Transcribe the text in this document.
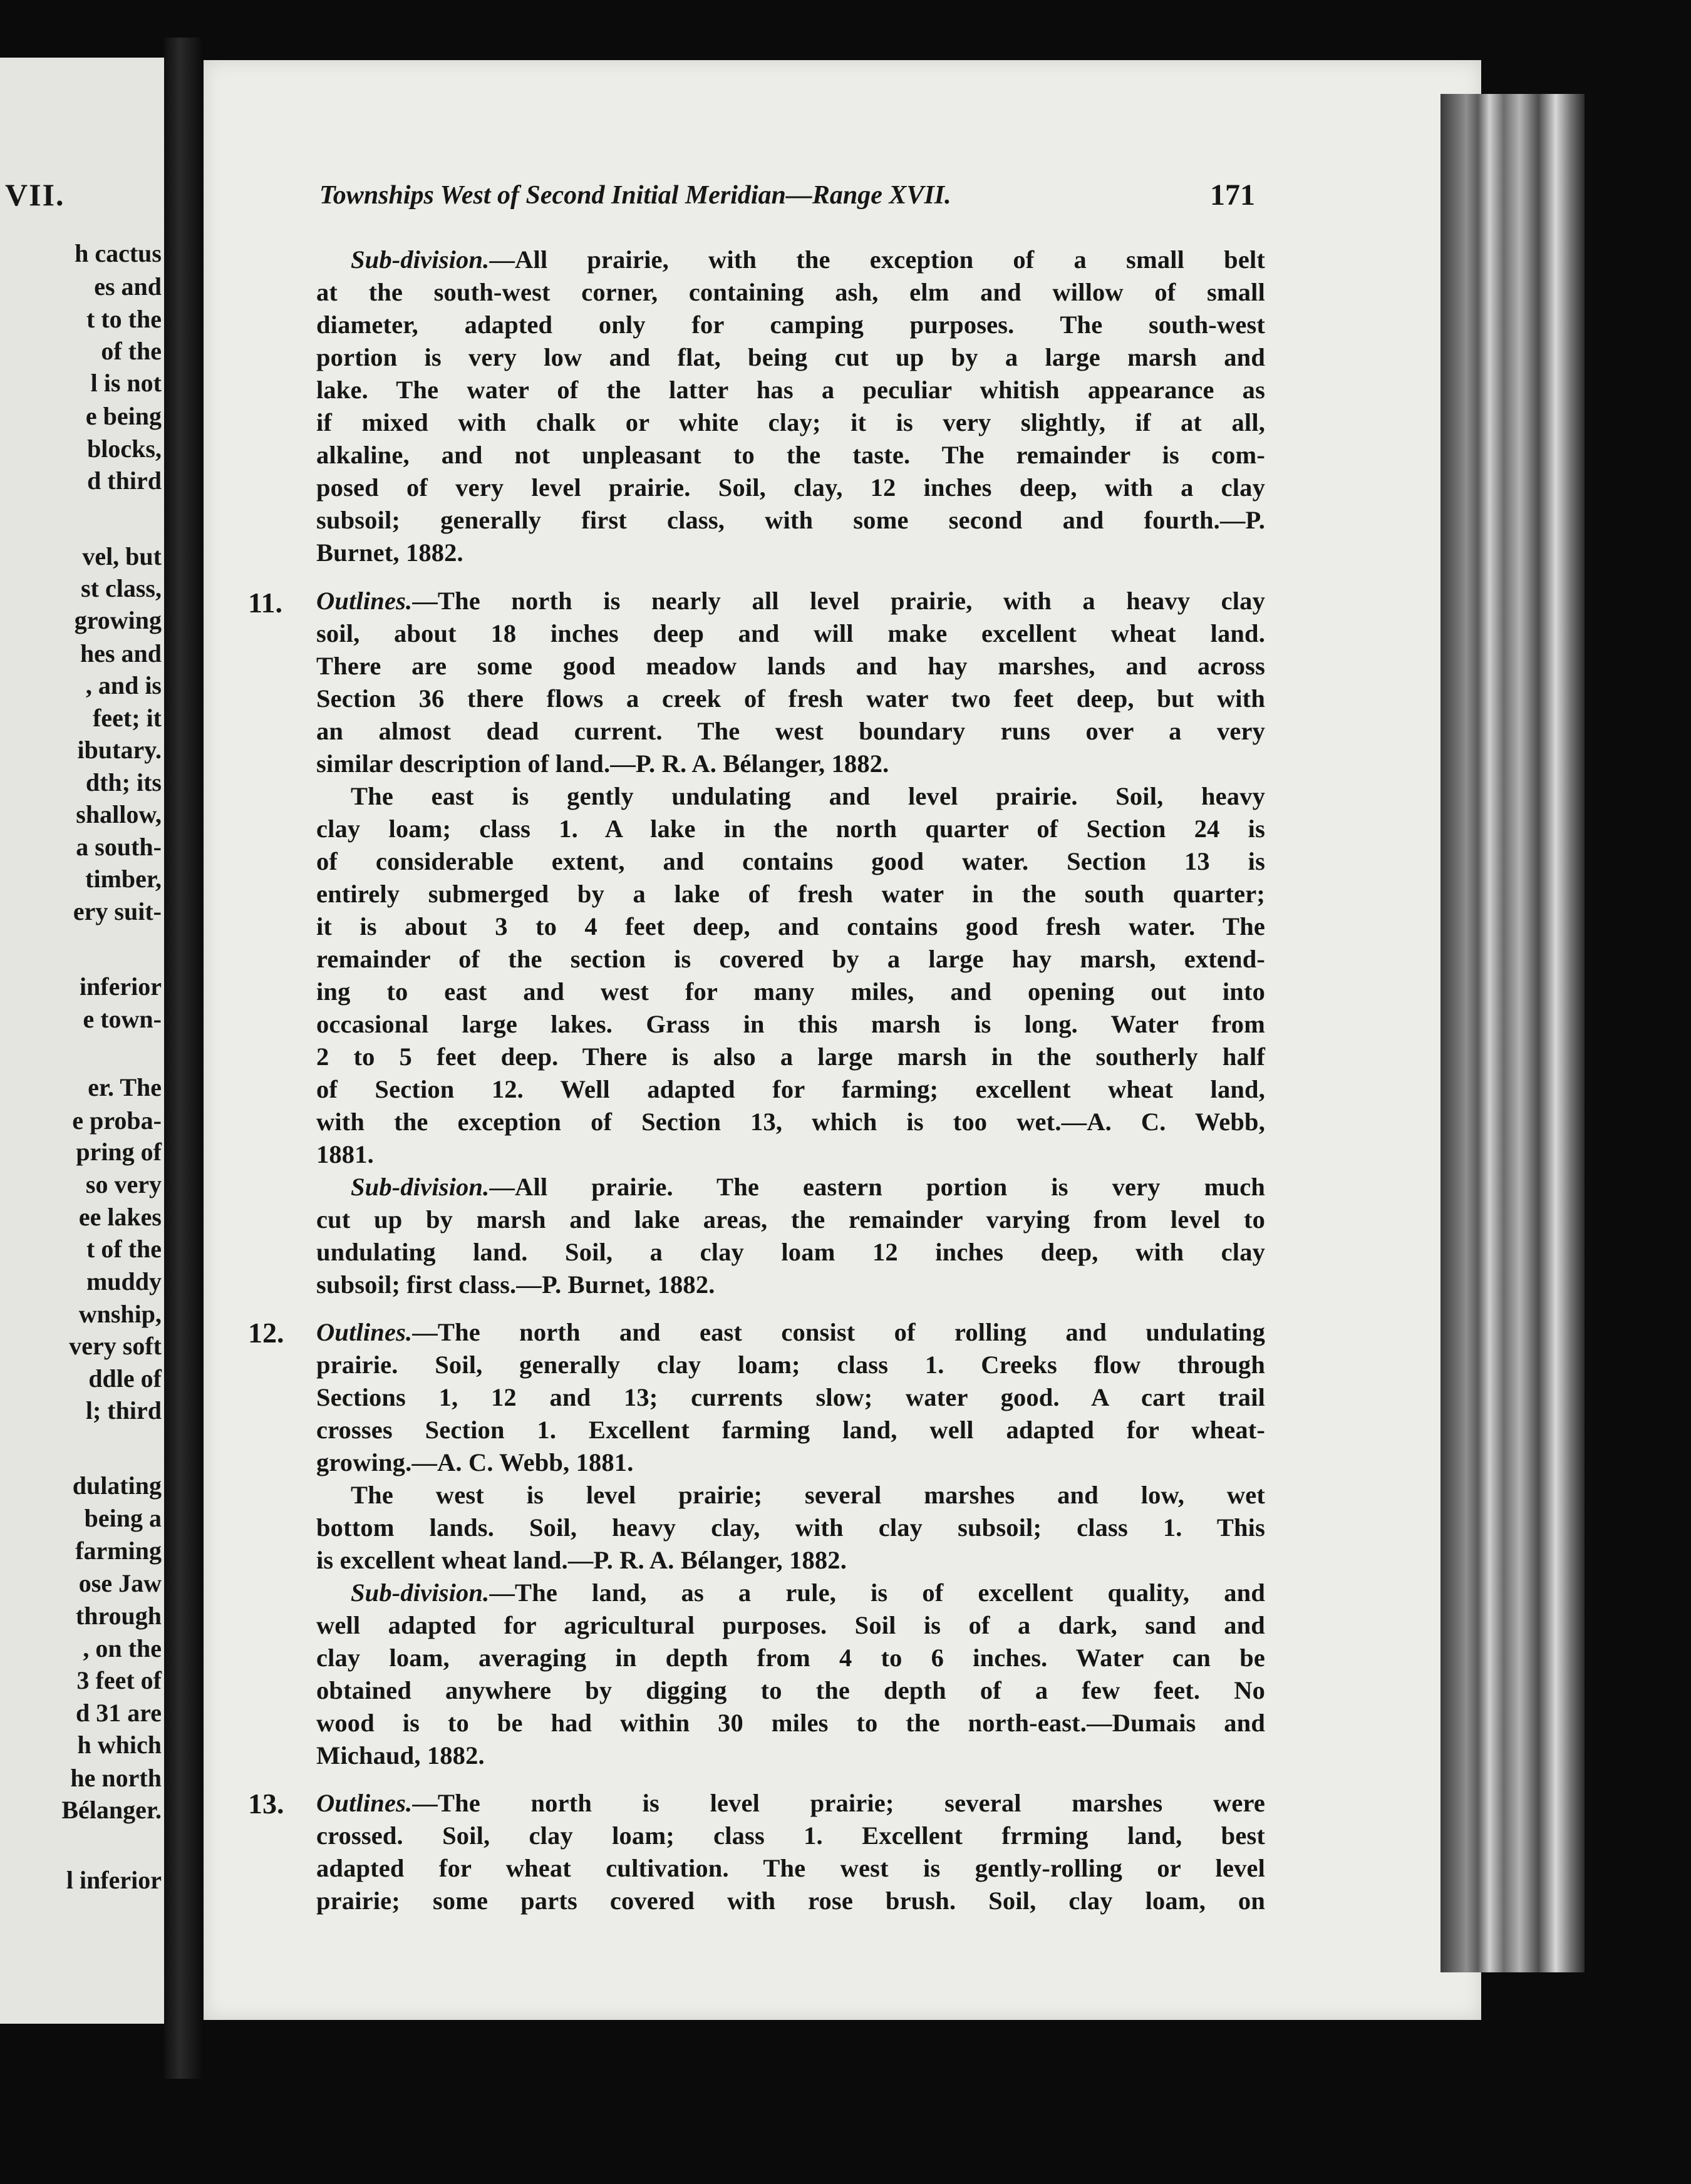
VII.
h cactus
es and
t to the
of the
l is not
e being
blocks,
d third
vel, but
st class,
growing
hes and
, and is
feet; it
ibutary.
dth; its
shallow,
a south-
timber,
ery suit-
inferior
e town-
er. The
e proba-
pring of
so very
ee lakes
t of the
muddy
wnship,
very soft
ddle of
l; third
dulating
being a
farming
ose Jaw
through
, on the
3 feet of
d 31 are
h which
he north
Bélanger.
l inferior
Townships West of Second Initial Meridian—Range XVII.	171
Sub-division.—All prairie, with the exception of a small belt
at the south-west corner, containing ash, elm and willow of small
diameter, adapted only for camping purposes. The south-west
portion is very low and flat, being cut up by a large marsh and
lake. The water of the latter has a peculiar whitish appearance as
if mixed with chalk or white clay; it is very slightly, if at all,
alkaline, and not unpleasant to the taste. The remainder is com-
posed of very level prairie. Soil, clay, 12 inches deep, with a clay
subsoil; generally first class, with some second and fourth.—P.
Burnet, 1882.
Outlines.—The north is nearly all level prairie, with a heavy clay
soil, about 18 inches deep and will make excellent wheat land.
There are some good meadow lands and hay marshes, and across
Section 36 there flows a creek of fresh water two feet deep, but with
an almost dead current. The west boundary runs over a very
similar description of land.—P. R. A. Bélanger, 1882.
The east is gently undulating and level prairie. Soil, heavy
clay loam; class 1. A lake in the north quarter of Section 24 is
of considerable extent, and contains good water. Section 13 is
entirely submerged by a lake of fresh water in the south quarter;
it is about 3 to 4 feet deep, and contains good fresh water. The
remainder of the section is covered by a large hay marsh, extend-
ing to east and west for many miles, and opening out into
occasional large lakes. Grass in this marsh is long. Water from
2 to 5 feet deep. There is also a large marsh in the southerly half
of Section 12. Well adapted for farming; excellent wheat land,
with the exception of Section 13, which is too wet.—A. C. Webb,
1881.
Sub-division.—All prairie. The eastern portion is very much
cut up by marsh and lake areas, the remainder varying from level to
undulating land. Soil, a clay loam 12 inches deep, with clay
subsoil; first class.—P. Burnet, 1882.
Outlines.—The north and east consist of rolling and undulating
prairie. Soil, generally clay loam; class 1. Creeks flow through
Sections 1, 12 and 13; currents slow; water good. A cart trail
crosses Section 1. Excellent farming land, well adapted for wheat-
growing.—A. C. Webb, 1881.
The west is level prairie; several marshes and low, wet
bottom lands. Soil, heavy clay, with clay subsoil; class 1. This
is excellent wheat land.—P. R. A. Bélanger, 1882.
Sub-division.—The land, as a rule, is of excellent quality, and
well adapted for agricultural purposes. Soil is of a dark, sand and
clay loam, averaging in depth from 4 to 6 inches. Water can be
obtained anywhere by digging to the depth of a few feet. No
wood is to be had within 30 miles to the north-east.—Dumais and
Michaud, 1882.
Outlines.—The north is level prairie; several marshes were
crossed. Soil, clay loam; class 1. Excellent frrming land, best
adapted for wheat cultivation. The west is gently-rolling or level
prairie; some parts covered with rose brush. Soil, clay loam, on
11.
12.
13.
